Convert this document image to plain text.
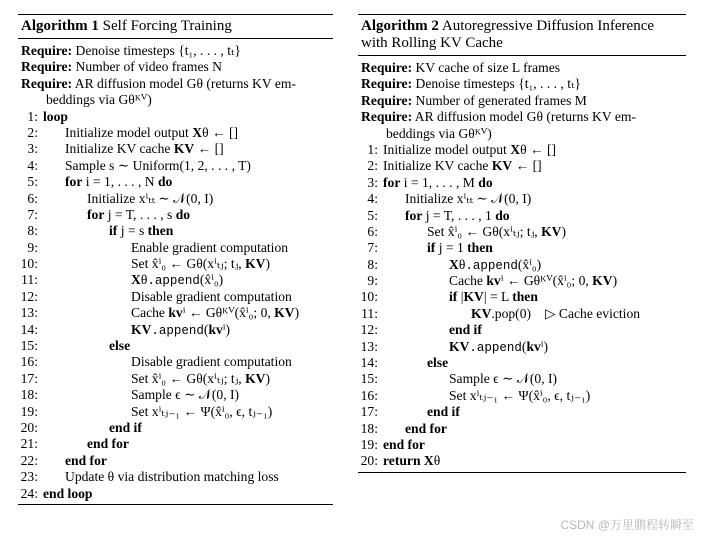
Algorithm 1 Self Forcing Training
Require: Denoise timesteps {t₁, . . . , tₜ}
Require: Number of video frames N
Require: AR diffusion model Gθ (returns KV em-
beddings via Gθᴷⱽ)
1: loop
2: Initialize model output Xθ ← []
3: Initialize KV cache KV ← []
4: Sample s ∼ Uniform(1, 2, . . . , T)
5: for i = 1, . . . , N do
6:	Initialize xⁱₜₜ ∼ 𝒩(0, I)
7:	for j = T, . . . , s do
8:	if j = s then
9:	Enable gradient computation
10:	Set x̂ⁱ₀ ← Gθ(xⁱₜⱼ; tⱼ, KV)
11:	Xθ.append(x̂ⁱ₀)
12:	Disable gradient computation
13:	Cache kvⁱ ← Gθᴷⱽ(x̂ⁱ₀; 0, KV)
14:	KV.append(kvⁱ)
15:	else
16:	Disable gradient computation
17:	Set x̂ⁱ₀ ← Gθ(xⁱₜⱼ; tⱼ, KV)
18:	Sample ϵ ∼ 𝒩(0, I)
19:	Set xⁱₜⱼ₋₁ ← Ψ(x̂ⁱ₀, ϵ, tⱼ₋₁)
20:	end if
21:	end for
22: end for
23: Update θ via distribution matching loss
24: end loop
Algorithm 2 Autoregressive Diffusion Inference
with Rolling KV Cache
Require: KV cache of size L frames
Require: Denoise timesteps {t₁, . . . , tₜ}
Require: Number of generated frames M
Require: AR diffusion model Gθ (returns KV em-
beddings via Gθᴷⱽ)
1: Initialize model output Xθ ← []
2: Initialize KV cache KV ← []
3: for i = 1, . . . , M do
4: Initialize xⁱₜₜ ∼ 𝒩(0, I)
5: for j = T, . . . , 1 do
6:	Set x̂ⁱ₀ ← Gθ(xⁱₜⱼ; tⱼ, KV)
7:	if j = 1 then
8:	Xθ.append(x̂ⁱ₀)
9:	Cache kvⁱ ← Gθᴷⱽ(x̂ⁱ₀; 0, KV)
10:	if |KV| = L then
11:	KV.pop(0) ▷ Cache eviction
12:	end if
13:	KV.append(kvⁱ)
14:	else
15:	Sample ϵ ∼ 𝒩(0, I)
16:	Set xⁱₜⱼ₋₁ ← Ψ(x̂ⁱ₀, ϵ, tⱼ₋₁)
17:	end if
18: end for
19: end for
20: return Xθ
CSDN @万里鹏程转瞬至
